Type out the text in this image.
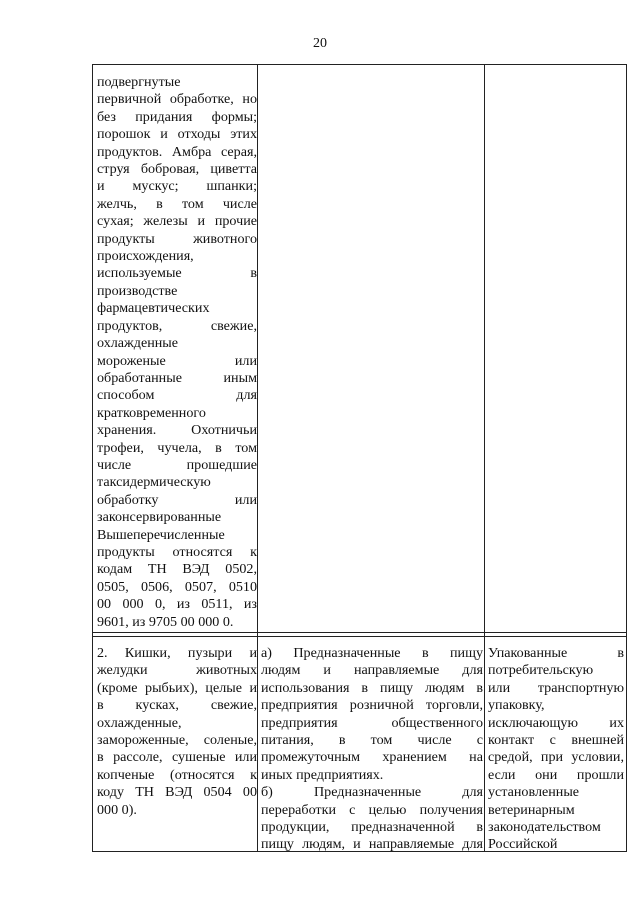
20
подвергнутые
первичной обработке, но
без придания формы;
порошок и отходы этих
продуктов. Амбра серая,
струя бобровая, циветта
и мускус; шпанки;
желчь, в том числе
сухая; железы и прочие
продукты животного
происхождения,
используемые в
производстве
фармацевтических
продуктов, свежие,
охлажденные
мороженые или
обработанные иным
способом для
кратковременного
хранения. Охотничьи
трофеи, чучела, в том
числе прошедшие
таксидермическую
обработку или
законсервированные
Вышеперечисленные
продукты относятся к
кодам ТН ВЭД 0502,
0505, 0506, 0507, 0510
00 000 0, из 0511, из
9601, из 9705 00 000 0.
2. Кишки, пузыри и
желудки животных
(кроме рыбьих), целые и
в кусках, свежие,
охлажденные,
замороженные, соленые,
в рассоле, сушеные или
копченые (относятся к
коду ТН ВЭД 0504 00
000 0).
а) Предназначенные в пищу
людям и направляемые для
использования в пищу людям в
предприятия розничной торговли,
предприятия общественного
питания, в том числе с
промежуточным хранением на
иных предприятиях.
б) Предназначенные для
переработки с целью получения
продукции, предназначенной в
пищу людям, и направляемые для
Упакованные в
потребительскую
или транспортную
упаковку,
исключающую их
контакт с внешней
средой, при условии,
если они прошли
установленные
ветеринарным
законодательством
Российской
